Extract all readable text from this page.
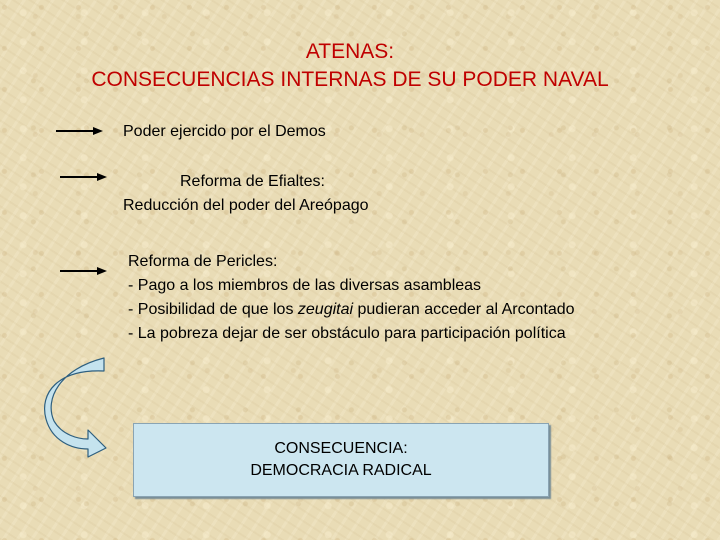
ATENAS:
CONSECUENCIAS INTERNAS DE SU PODER NAVAL
Poder ejercido por el Demos
Reforma de Efialtes:
Reducción del poder del Areópago
Reforma de Pericles:
- Pago a los miembros de las diversas asambleas
- Posibilidad de que los zeugitai pudieran acceder al Arcontado
- La pobreza dejar de ser obstáculo para participación política
CONSECUENCIA:
DEMOCRACIA RADICAL
